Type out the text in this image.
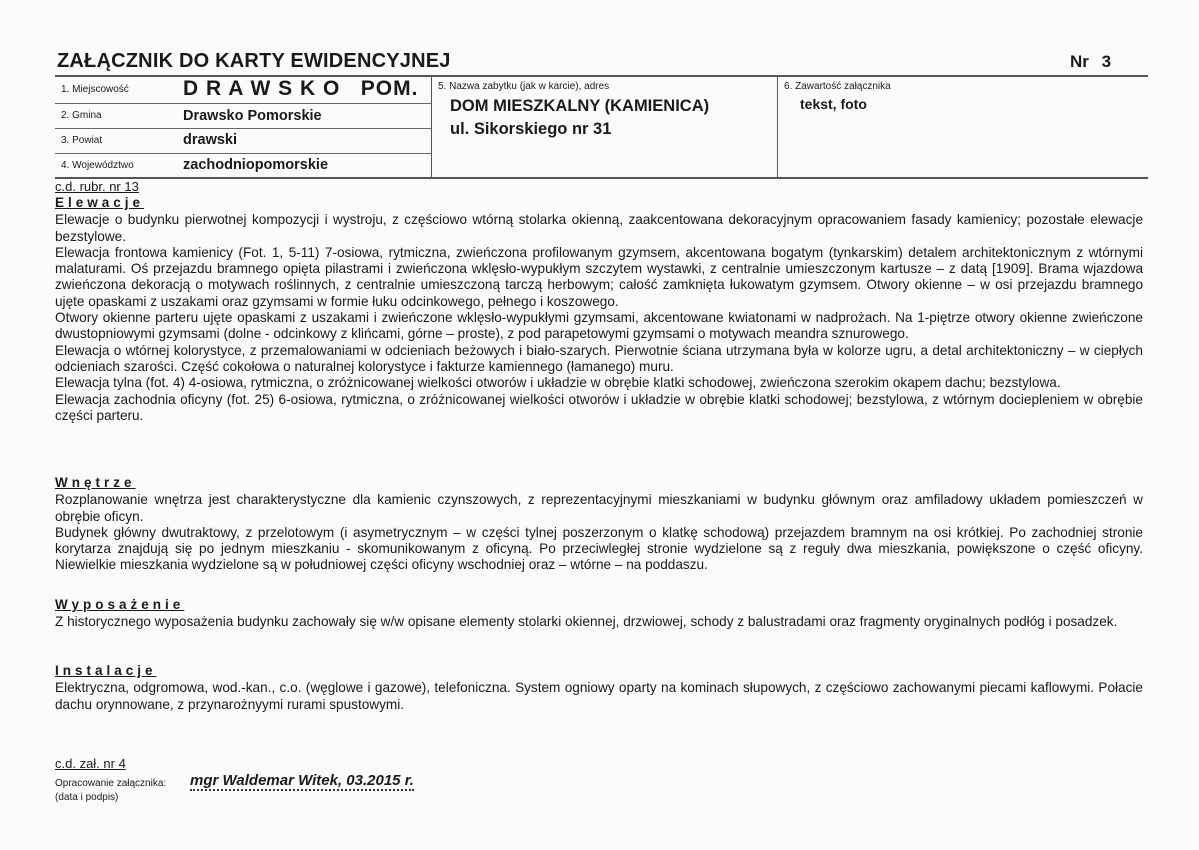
ZAŁĄCZNIK DO KARTY EWIDENCYJNEJ	Nr 3
1. Miejscowość	D R A W S K O   POM.
2. Gmina	Drawsko Pomorskie
3. Powiat	drawski
4. Województwo	zachodniopomorskie
5. Nazwa zabytku (jak w karcie), adres
DOM MIESZKALNY (KAMIENICA)
ul. Sikorskiego nr 31
6. Zawartość załącznika
tekst, foto
c.d. rubr. nr 13
Elewacje

Elewacje o budynku pierwotnej kompozycji i wystroju, z częściowo wtórną stolarka okienną, zaakcentowana dekoracyjnym opracowaniem fasady kamienicy; pozostałe elewacje bezstylowe.

Elewacja frontowa kamienicy (Fot. 1, 5-11) 7-osiowa, rytmiczna, zwieńczona profilowanym gzymsem, akcentowana bogatym (tynkarskim) detalem architektonicznym z wtórnymi malaturami. Oś przejazdu bramnego opięta pilastrami i zwieńczona wklęsło-wypukłym szczytem wystawki, z centralnie umieszczonym kartusze – z datą [1909]. Brama wjazdowa zwieńczona dekoracją o motywach roślinnych, z centralnie umieszczoną tarczą herbowym; całość zamknięta łukowatym gzymsem. Otwory okienne – w osi przejazdu bramnego ujęte opaskami z uszakami oraz gzymsami w formie łuku odcinkowego, pełnego i koszowego.

Otwory okienne parteru ujęte opaskami z uszakami i zwieńczone wklęsło-wypukłymi gzymsami, akcentowane kwiatonami w nadprożach. Na 1-piętrze otwory okienne zwieńczone dwustopniowymi gzymsami (dolne - odcinkowy z klińcami, górne – proste), z pod parapetowymi gzymsami o motywach meandra sznurowego.

Elewacja o wtórnej kolorystyce, z przemalowaniami w odcieniach beżowych i biało-szarych. Pierwotnie ściana utrzymana była w kolorze ugru, a detal architektoniczny – w ciepłych odcieniach szarości. Część cokołowa o naturalnej kolorystyce i fakturze kamiennego (łamanego) muru.

Elewacja tylna (fot. 4) 4-osiowa, rytmiczna, o zróżnicowanej wielkości otworów i układzie w obrębie klatki schodowej, zwieńczona szerokim okapem dachu; bezstylowa.

Elewacja zachodnia oficyny (fot. 25) 6-osiowa, rytmiczna, o zróżnicowanej wielkości otworów i układzie w obrębie klatki schodowej; bezstylowa, z wtórnym dociepleniem w obrębie części parteru.

Wnętrze

Rozplanowanie wnętrza jest charakterystyczne dla kamienic czynszowych, z reprezentacyjnymi mieszkaniami w budynku głównym oraz amfiladowy układem pomieszczeń w obrębie oficyn.

Budynek główny dwutraktowy, z przelotowym (i asymetrycznym – w części tylnej poszerzonym o klatkę schodową) przejazdem bramnym na osi krótkiej. Po zachodniej stronie korytarza znajdują się po jednym mieszkaniu - skomunikowanym z oficyną. Po przeciwległej stronie wydzielone są z reguły dwa mieszkania, powiększone o część oficyny. Niewielkie mieszkania wydzielone są w południowej części oficyny wschodniej oraz – wtórne – na poddaszu.

Wyposażenie

Z historycznego wyposażenia budynku zachowały się w/w opisane elementy stolarki okiennej, drzwiowej, schody z balustradami oraz fragmenty oryginalnych podłóg i posadzek.

Instalacje

Elektryczna, odgromowa, wod.-kan., c.o. (węglowe i gazowe), telefoniczna. System ogniowy oparty na kominach słupowych, z częściowo zachowanymi piecami kaflowymi. Połacie dachu orynnowane, z przynarożnyymi rurami spustowymi.

c.d. zał. nr 4
Opracowanie załącznika:
(data i podpis)
mgr Waldemar Witek, 03.2015 r.
